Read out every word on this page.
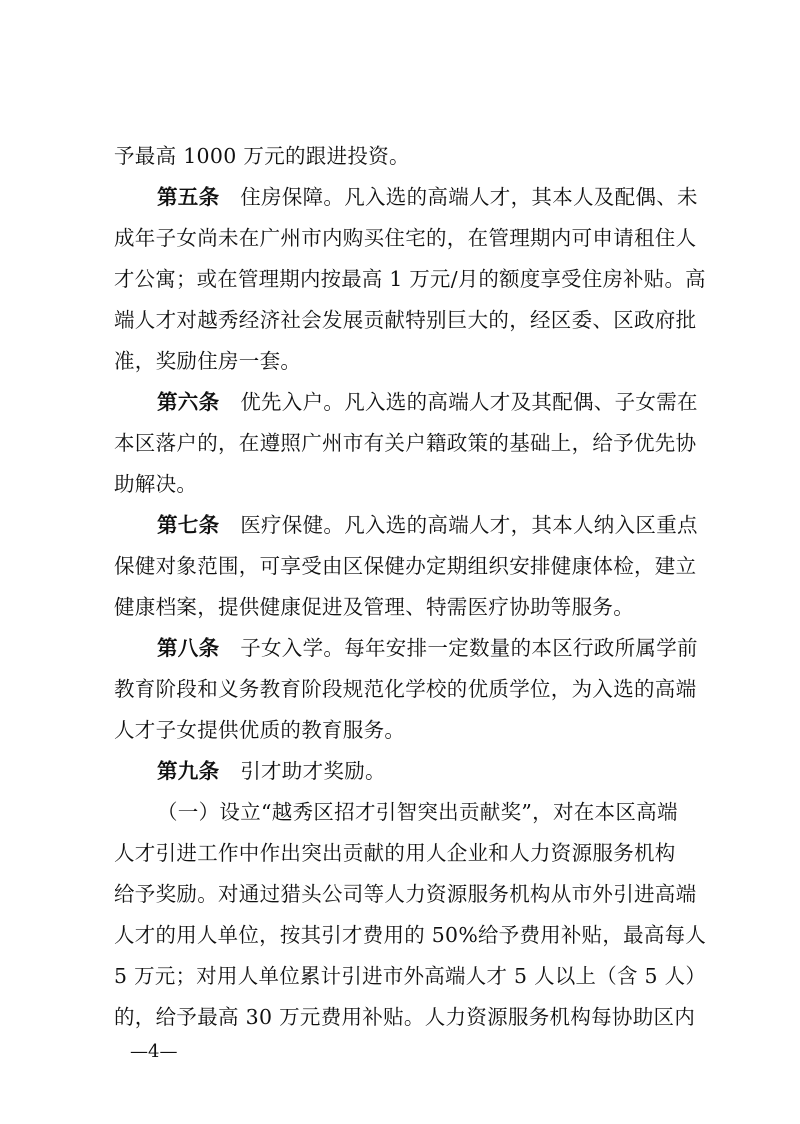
予最高 1000 万元的跟进投资。
第五条　住房保障。凡入选的高端人才，其本人及配偶、未
成年子女尚未在广州市内购买住宅的，在管理期内可申请租住人
才公寓；或在管理期内按最高 1 万元/月的额度享受住房补贴。高
端人才对越秀经济社会发展贡献特别巨大的，经区委、区政府批
准，奖励住房一套。
第六条　优先入户。凡入选的高端人才及其配偶、子女需在
本区落户的，在遵照广州市有关户籍政策的基础上，给予优先协
助解决。
第七条　医疗保健。凡入选的高端人才，其本人纳入区重点
保健对象范围，可享受由区保健办定期组织安排健康体检，建立
健康档案，提供健康促进及管理、特需医疗协助等服务。
第八条　子女入学。每年安排一定数量的本区行政所属学前
教育阶段和义务教育阶段规范化学校的优质学位，为入选的高端
人才子女提供优质的教育服务。
第九条　引才助才奖励。
（一）设立“越秀区招才引智突出贡献奖”，对在本区高端
人才引进工作中作出突出贡献的用人企业和人力资源服务机构
给予奖励。对通过猎头公司等人力资源服务机构从市外引进高端
人才的用人单位，按其引才费用的 50%给予费用补贴，最高每人
5 万元；对用人单位累计引进市外高端人才 5 人以上（含 5 人）
的，给予最高 30 万元费用补贴。人力资源服务机构每协助区内
—4—
